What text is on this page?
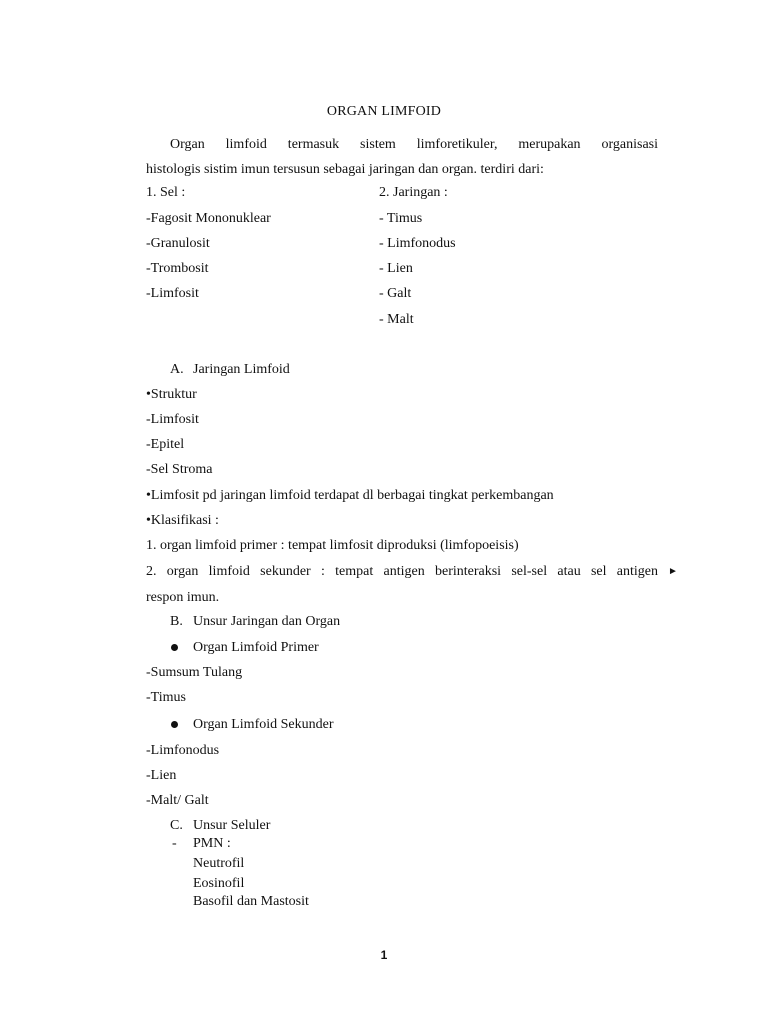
ORGAN LIMFOID
Organ limfoid termasuk sistem limforetikuler, merupakan organisasi
histologis sistim imun tersusun sebagai jaringan dan organ. terdiri dari:
1. Sel :
-Fagosit Mononuklear
-Granulosit
-Trombosit
-Limfosit
2. Jaringan :
- Timus
- Limfonodus
- Lien
- Galt
- Malt
A. Jaringan Limfoid
•Struktur
-Limfosit
-Epitel
-Sel Stroma
•Limfosit pd jaringan limfoid terdapat dl berbagai tingkat perkembangan
•Klasifikasi :
1. organ limfoid primer : tempat limfosit diproduksi (limfopoeisis)
2. organ limfoid sekunder : tempat antigen berinteraksi sel-sel atau sel antigen ►
respon imun.
B. Unsur Jaringan dan Organ
Organ Limfoid Primer
-Sumsum Tulang
-Timus
Organ Limfoid Sekunder
-Limfonodus
-Lien
-Malt/ Galt
C. Unsur Seluler
- PMN :
Neutrofil
Eosinofil
Basofil dan Mastosit
1
